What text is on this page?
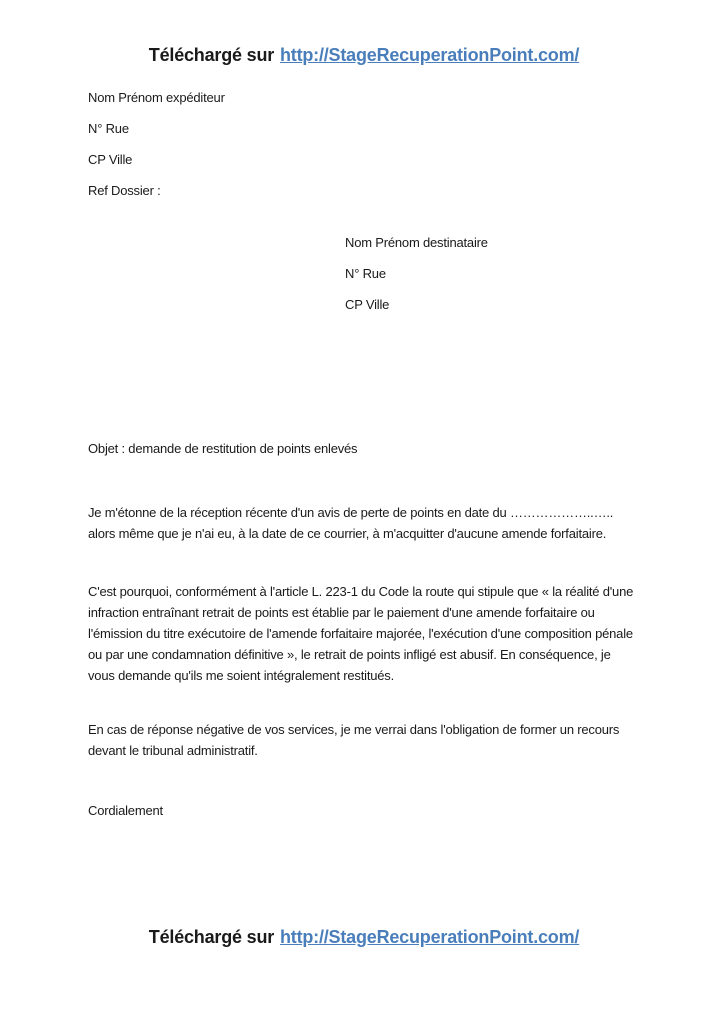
Téléchargé sur http://StageRecuperationPoint.com/
Nom Prénom expéditeur
N° Rue
CP Ville
Ref Dossier :
Nom Prénom destinataire
N° Rue
CP Ville
Objet : demande de restitution de points enlevés
Je m'étonne de la réception récente d'un avis de perte de points en date du ………………..….. alors même que je n'ai eu, à la date de ce courrier, à m'acquitter d'aucune amende forfaitaire.
C'est pourquoi, conformément à l'article L. 223-1 du Code la route qui stipule que « la réalité d'une infraction entraînant retrait de points est établie par le paiement d'une amende forfaitaire ou l'émission du titre exécutoire de l'amende forfaitaire majorée, l'exécution d'une composition pénale ou par une condamnation définitive », le retrait de points infligé est abusif. En conséquence, je vous demande qu'ils me soient intégralement restitués.
En cas de réponse négative de vos services, je me verrai dans l'obligation de former un recours devant le tribunal administratif.
Cordialement
Téléchargé sur http://StageRecuperationPoint.com/
